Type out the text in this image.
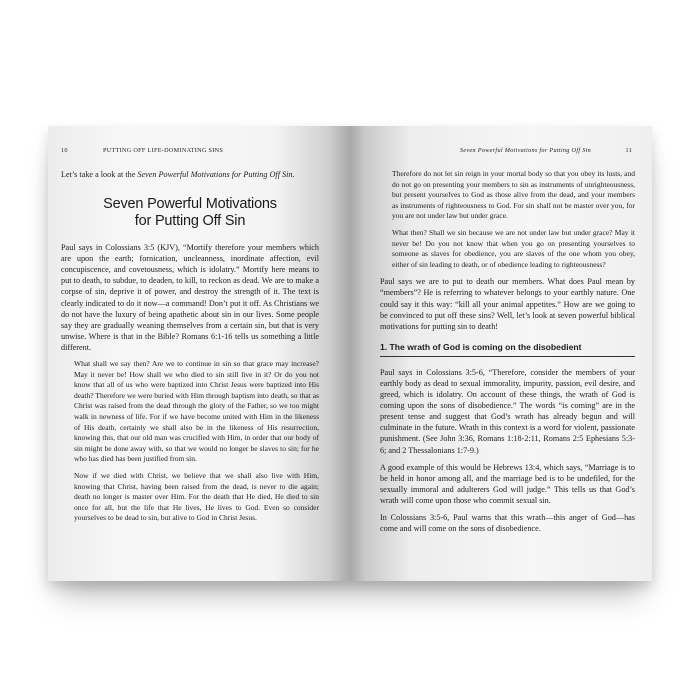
10	PUTTING OFF LIFE-DOMINATING SINS

Let’s take a look at the Seven Powerful Motivations for Putting Off Sin.

Seven Powerful Motivations
for Putting Off Sin

Paul says in Colossians 3:5 (KJV), “Mortify therefore your members which are upon the earth; fornication, uncleanness, inordinate affection, evil concupiscence, and covetousness, which is idolatry.” Mortify here means to put to death, to subdue, to deaden, to kill, to reckon as dead. We are to make a corpse of sin, deprive it of power, and destroy the strength of it. The text is clearly indicated to do it now—a command! Don’t put it off. As Christians we do not have the luxury of being apathetic about sin in our lives. Some people say they are gradually weaning themselves from a certain sin, but that is very unwise. Where is that in the Bible? Romans 6:1-16 tells us something a little different.

What shall we say then? Are we to continue in sin so that grace may increase? May it never be! How shall we who died to sin still live in it? Or do you not know that all of us who were baptized into Christ Jesus were baptized into His death? Therefore we were buried with Him through baptism into death, so that as Christ was raised from the dead through the glory of the Father, so we too might walk in newness of life. For if we have become united with Him in the likeness of His death, certainly we shall also be in the likeness of His resurrection, knowing this, that our old man was crucified with Him, in order that our body of sin might be done away with, so that we would no longer be slaves to sin; for he who has died has been justified from sin.

Now if we died with Christ, we believe that we shall also live with Him, knowing that Christ, having been raised from the dead, is never to die again; death no longer is master over Him. For the death that He died, He died to sin once for all, but the life that He lives, He lives to God. Even so consider yourselves to be dead to sin, but alive to God in Christ Jesus.

Seven Powerful Motivations for Putting Off Sin	11

Therefore do not let sin reign in your mortal body so that you obey its lusts, and do not go on presenting your members to sin as instruments of unrighteousness, but present yourselves to God as those alive from the dead, and your members as instruments of righteousness to God. For sin shall not be master over you, for you are not under law but under grace.

What then? Shall we sin because we are not under law but under grace? May it never be! Do you not know that when you go on presenting yourselves to someone as slaves for obedience, you are slaves of the one whom you obey, either of sin leading to death, or of obedience leading to righteousness?

Paul says we are to put to death our members. What does Paul mean by “members”? He is referring to whatever belongs to your earthly nature. One could say it this way: “kill all your animal appetites.” How are we going to be convinced to put off these sins? Well, let’s look at seven powerful biblical motivations for putting sin to death!

1. The wrath of God is coming on the disobedient

Paul says in Colossians 3:5-6, “Therefore, consider the members of your earthly body as dead to sexual immorality, impurity, passion, evil desire, and greed, which is idolatry. On account of these things, the wrath of God is coming upon the sons of disobedience.” The words “is coming” are in the present tense and suggest that God’s wrath has already begun and will culminate in the future. Wrath in this context is a word for violent, passionate punishment. (See John 3:36, Romans 1:18-2:11, Romans 2:5 Ephesians 5:3-6; and 2 Thessalonians 1:7-9.)

A good example of this would be Hebrews 13:4, which says, “Marriage is to be held in honor among all, and the marriage bed is to be undefiled, for the sexually immoral and adulterers God will judge.” This tells us that God’s wrath will come upon those who commit sexual sin.

In Colossians 3:5-6, Paul warns that this wrath—this anger of God—has come and will come on the sons of disobedience.
